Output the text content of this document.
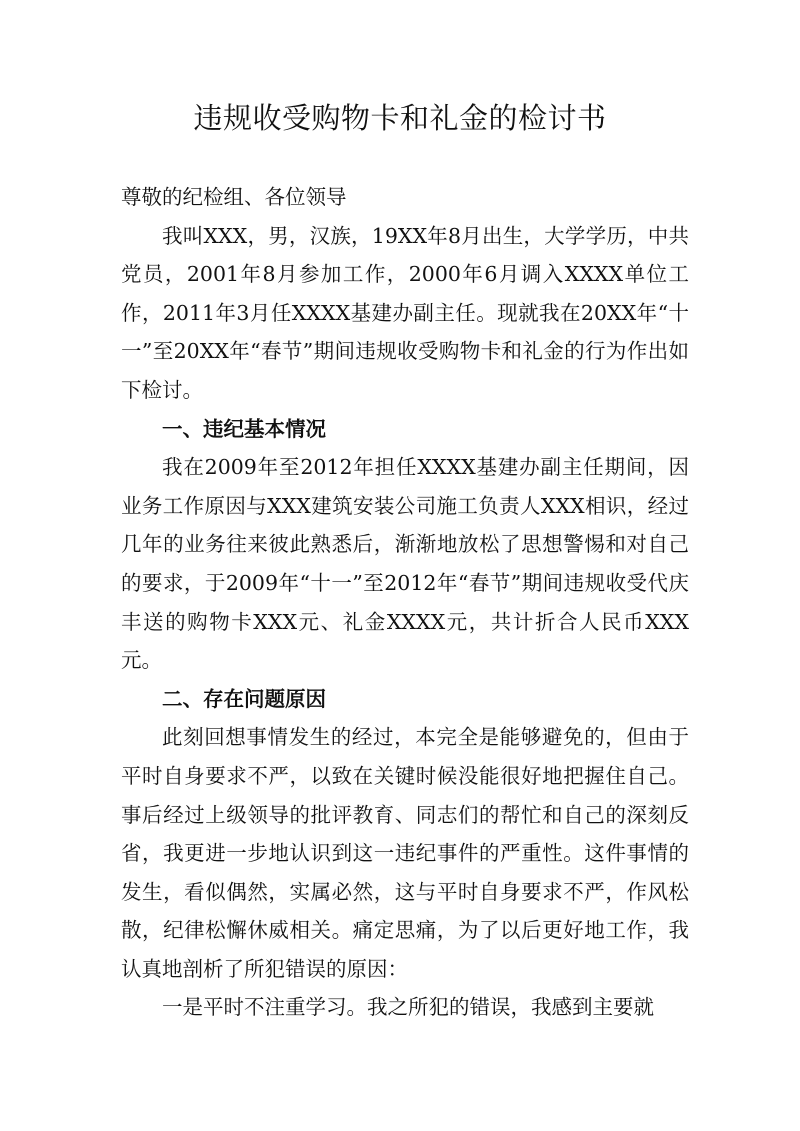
违规收受购物卡和礼金的检讨书

尊敬的纪检组、各位领导

我叫XXX，男，汉族，19XX年8月出生，大学学历，中共党员，2001年8月参加工作，2000年6月调入XXXX单位工作，2011年3月任XXXX基建办副主任。现就我在20XX年“十一”至20XX年“春节”期间违规收受购物卡和礼金的行为作出如下检讨。

一、违纪基本情况

我在2009年至2012年担任XXXX基建办副主任期间，因业务工作原因与XXX建筑安装公司施工负责人XXX相识，经过几年的业务往来彼此熟悉后，渐渐地放松了思想警惕和对自己的要求，于2009年“十一”至2012年“春节”期间违规收受代庆丰送的购物卡XXX元、礼金XXXX元，共计折合人民币XXX元。

二、存在问题原因

此刻回想事情发生的经过，本完全是能够避免的，但由于平时自身要求不严，以致在关键时候没能很好地把握住自己。事后经过上级领导的批评教育、同志们的帮忙和自己的深刻反省，我更进一步地认识到这一违纪事件的严重性。这件事情的发生，看似偶然，实属必然，这与平时自身要求不严，作风松散，纪律松懈休威相关。痛定思痛，为了以后更好地工作，我认真地剖析了所犯错误的原因：

一是平时不注重学习。我之所犯的错误，我感到主要就
